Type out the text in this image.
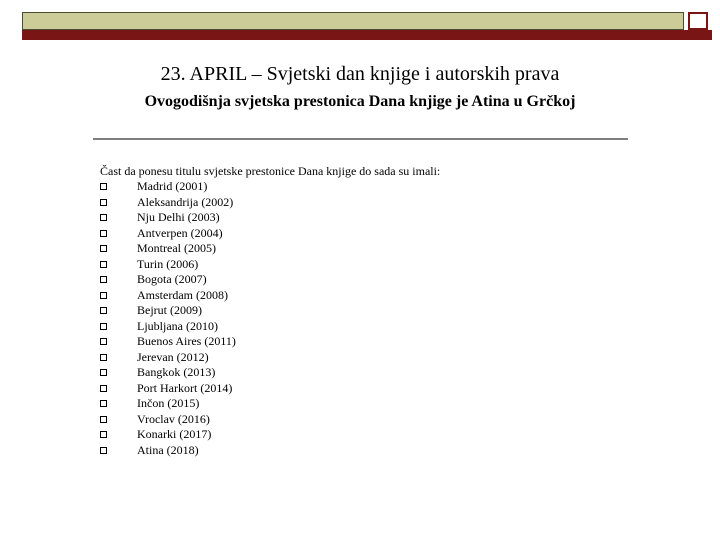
23. APRIL – Svjetski dan knjige i autorskih prava
Ovogodišnja svjetska prestonica Dana knjige je Atina u Grčkoj
Čast da ponesu titulu svjetske prestonice Dana knjige do sada su imali:
Madrid (2001)
Aleksandrija (2002)
Nju Delhi (2003)
Antverpen (2004)
Montreal (2005)
Turin (2006)
Bogota (2007)
Amsterdam (2008)
Bejrut (2009)
Ljubljana (2010)
Buenos Aires (2011)
Jerevan (2012)
Bangkok (2013)
Port Harkort (2014)
Inčon (2015)
Vroclav (2016)
Konarki (2017)
Atina (2018)
